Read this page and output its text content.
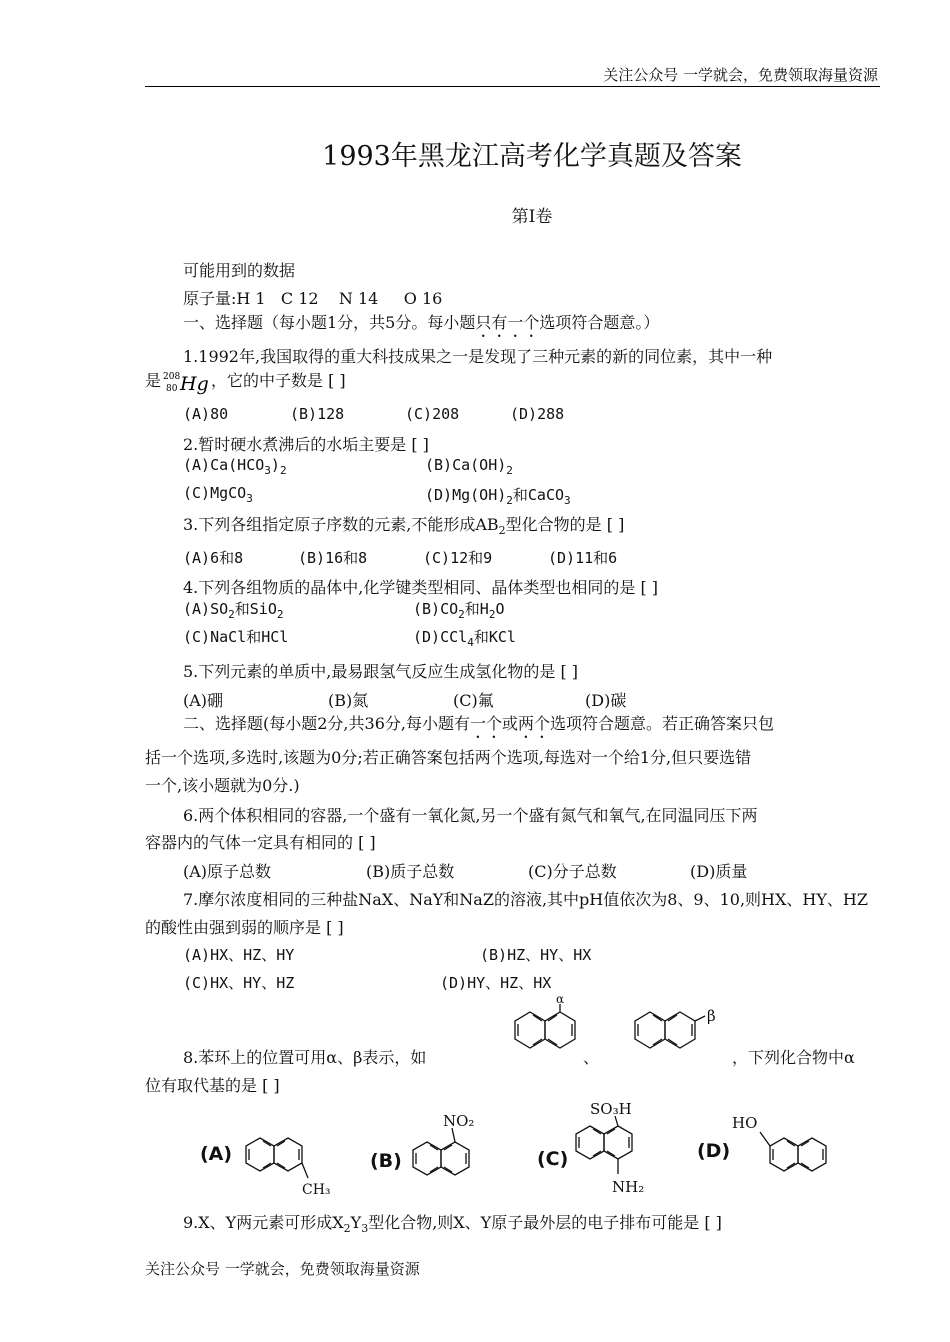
关注公众号 一学就会，免费领取海量资源
1993年黑龙江高考化学真题及答案
第Ⅰ卷
可能用到的数据
原子量:H 1   C 12    N 14     O 16
一、选择题（每小题1分，共5分。每小题只有一个选项符合题意。）
1.1992年,我国取得的重大科技成果之一是发现了三种元素的新的同位素，其中一种
是 208
80 Hg ，它的中子数是 [ ]
(A)80	(B)128	(C)208	(D)288
2.暂时硬水煮沸后的水垢主要是 [ ]
$(A)Ca(HCO_3)_2$	$(B)Ca(OH)_2$
(C)MgCO$_3$	$(D)Mg(OH)_2$和CaCO$_3$
3.下列各组指定原子序数的元素,不能形成$AB_2$型化合物的是 [ ]
(A)6和8	(B)16和8	(C)12和9	(D)11和6
4.下列各组物质的晶体中,化学键类型相同、晶体类型也相同的是 [ ]
$(A)SO_2$和SiO$_2$	$(B)CO_2$和$H_2O$
(C)NaCl和HCl	(D)CCl$_4$和KCl
5.下列元素的单质中,最易跟氢气反应生成氢化物的是 [ ]
(A)硼	(B)氮	(C)氟	(D)碳
二、选择题(每小题2分,共36分,每小题有一个或两个选项符合题意。若正确答案只包
括一个选项,多选时,该题为0分;若正确答案包括两个选项,每选对一个给1分,但只要选错
一个,该小题就为0分.)
6.两个体积相同的容器,一个盛有一氧化氮,另一个盛有氮气和氧气,在同温同压下两
容器内的气体一定具有相同的 [ ]
(A)原子总数	(B)质子总数	(C)分子总数	(D)质量
7.摩尔浓度相同的三种盐NaX、NaY和NaZ的溶液,其中pH值依次为8、9、10,则HX、HY、HZ
的酸性由强到弱的顺序是 [ ]
(A)HX、HZ、HY	(B)HZ、HY、HX
(C)HX、HY、HZ	(D)HY、HZ、HX
8.苯环上的位置可用α、β表示，如	、	，下列化合物中α
位有取代基的是 [ ]
α
β
(A)
CH₃
(B)
NO₂
(C)
SO₃H
NH₂
(D)
HO
9.X、Y两元素可形成$X_2Y_3$型化合物,则X、Y原子最外层的电子排布可能是 [ ]
关注公众号 一学就会，免费领取海量资源
